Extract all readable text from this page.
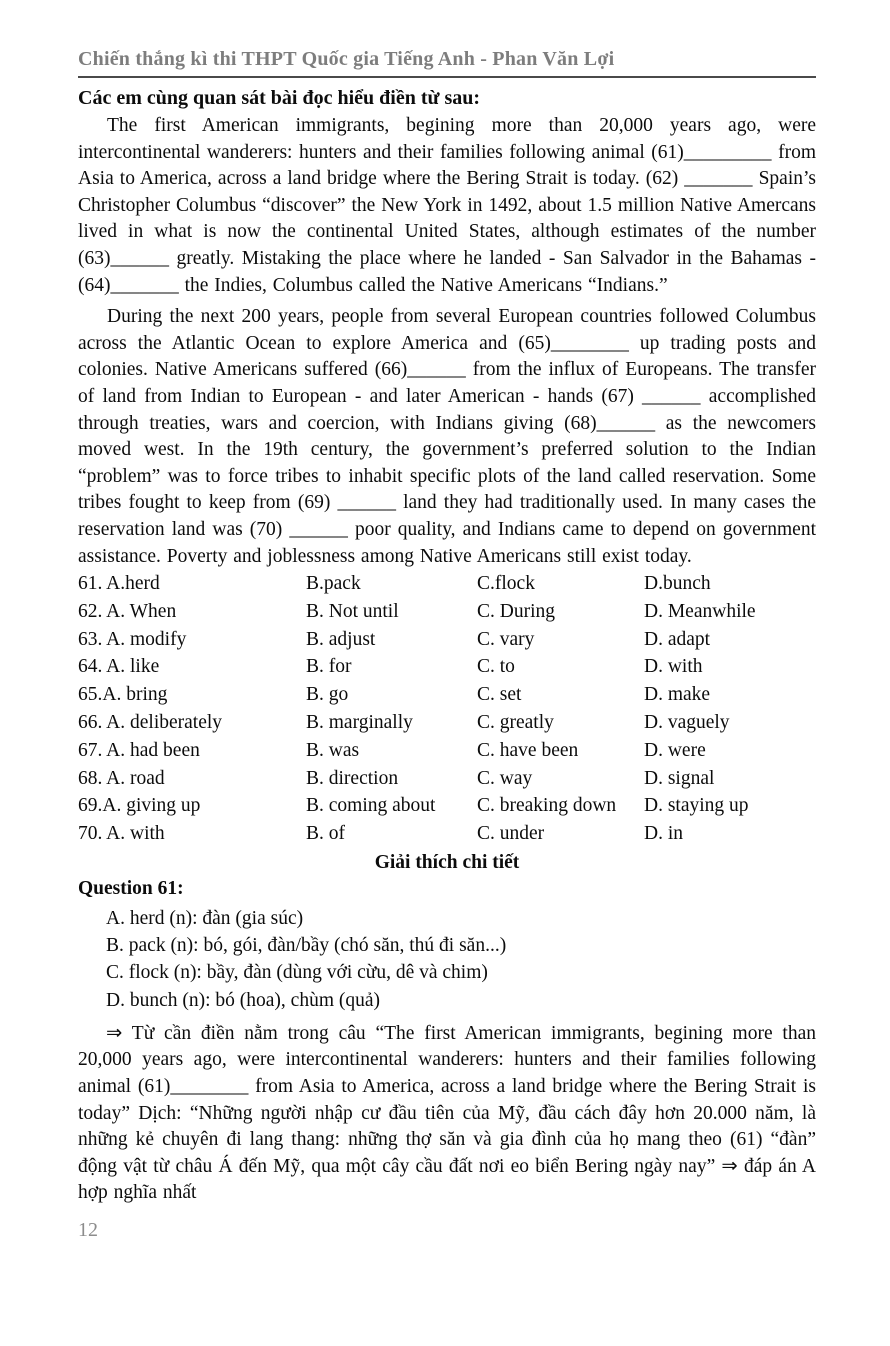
Chiến thắng kì thi THPT Quốc gia Tiếng Anh - Phan Văn Lợi
Các em cùng quan sát bài đọc hiểu điền từ sau:
The first American immigrants, begining more than 20,000 years ago, were intercontinental wanderers: hunters and their families following animal (61)_________ from Asia to America, across a land bridge where the Bering Strait is today. (62) _______ Spain’s Christopher Columbus “discover” the New York in 1492, about 1.5 million Native Amercans lived in what is now the continental United States, although estimates of the number (63)______ greatly. Mistaking the place where he landed - San Salvador in the Bahamas - (64)_______ the Indies, Columbus called the Native Americans “Indians.”
During the next 200 years, people from several European countries followed Columbus across the Atlantic Ocean to explore America and (65)________ up trading posts and colonies. Native Americans suffered (66)______ from the influx of Europeans. The transfer of land from Indian to European - and later American - hands (67) ______ accomplished through treaties, wars and coercion, with Indians giving (68)______ as the newcomers moved west. In the 19th century, the government’s preferred solution to the Indian “problem” was to force tribes to inhabit specific plots of the land called reservation. Some tribes fought to keep from (69) ______ land they had traditionally used. In many cases the reservation land was (70) ______ poor quality, and Indians came to depend on government assistance. Poverty and joblessness among Native Americans still exist today.
61. A.herd	B.pack	C.flock	D.bunch
62. A. When	B. Not until	C. During	D. Meanwhile
63. A. modify	B. adjust	C. vary	D. adapt
64. A. like	B. for	C. to	D. with
65.A. bring	B. go	C. set	D. make
66. A. deliberately	B. marginally	C. greatly	D. vaguely
67. A. had been	B. was	C. have been	D. were
68. A. road	B. direction	C. way	D. signal
69.A. giving up	B. coming about	C. breaking down	D. staying up
70. A. with	B. of	C. under	D. in
Giải thích chi tiết
Question 61:
A. herd (n): đàn (gia súc)
B. pack (n): bó, gói, đàn/bầy (chó săn, thú đi săn...)
C. flock (n): bầy, đàn (dùng với cừu, dê và chim)
D. bunch (n): bó (hoa), chùm (quả)
⇒ Từ cần điền nằm trong câu “The first American immigrants, begining more than 20,000 years ago, were intercontinental wanderers: hunters and their families following animal (61)________ from Asia to America, across a land bridge where the Bering Strait is today” Dịch: “Những người nhập cư đầu tiên của Mỹ, đầu cách đây hơn 20.000 năm, là những kẻ chuyên đi lang thang: những thợ săn và gia đình của họ mang theo (61) “đàn” động vật từ châu Á đến Mỹ, qua một cây cầu đất nơi eo biển Bering ngày nay” ⇒ đáp án A hợp nghĩa nhất
12
